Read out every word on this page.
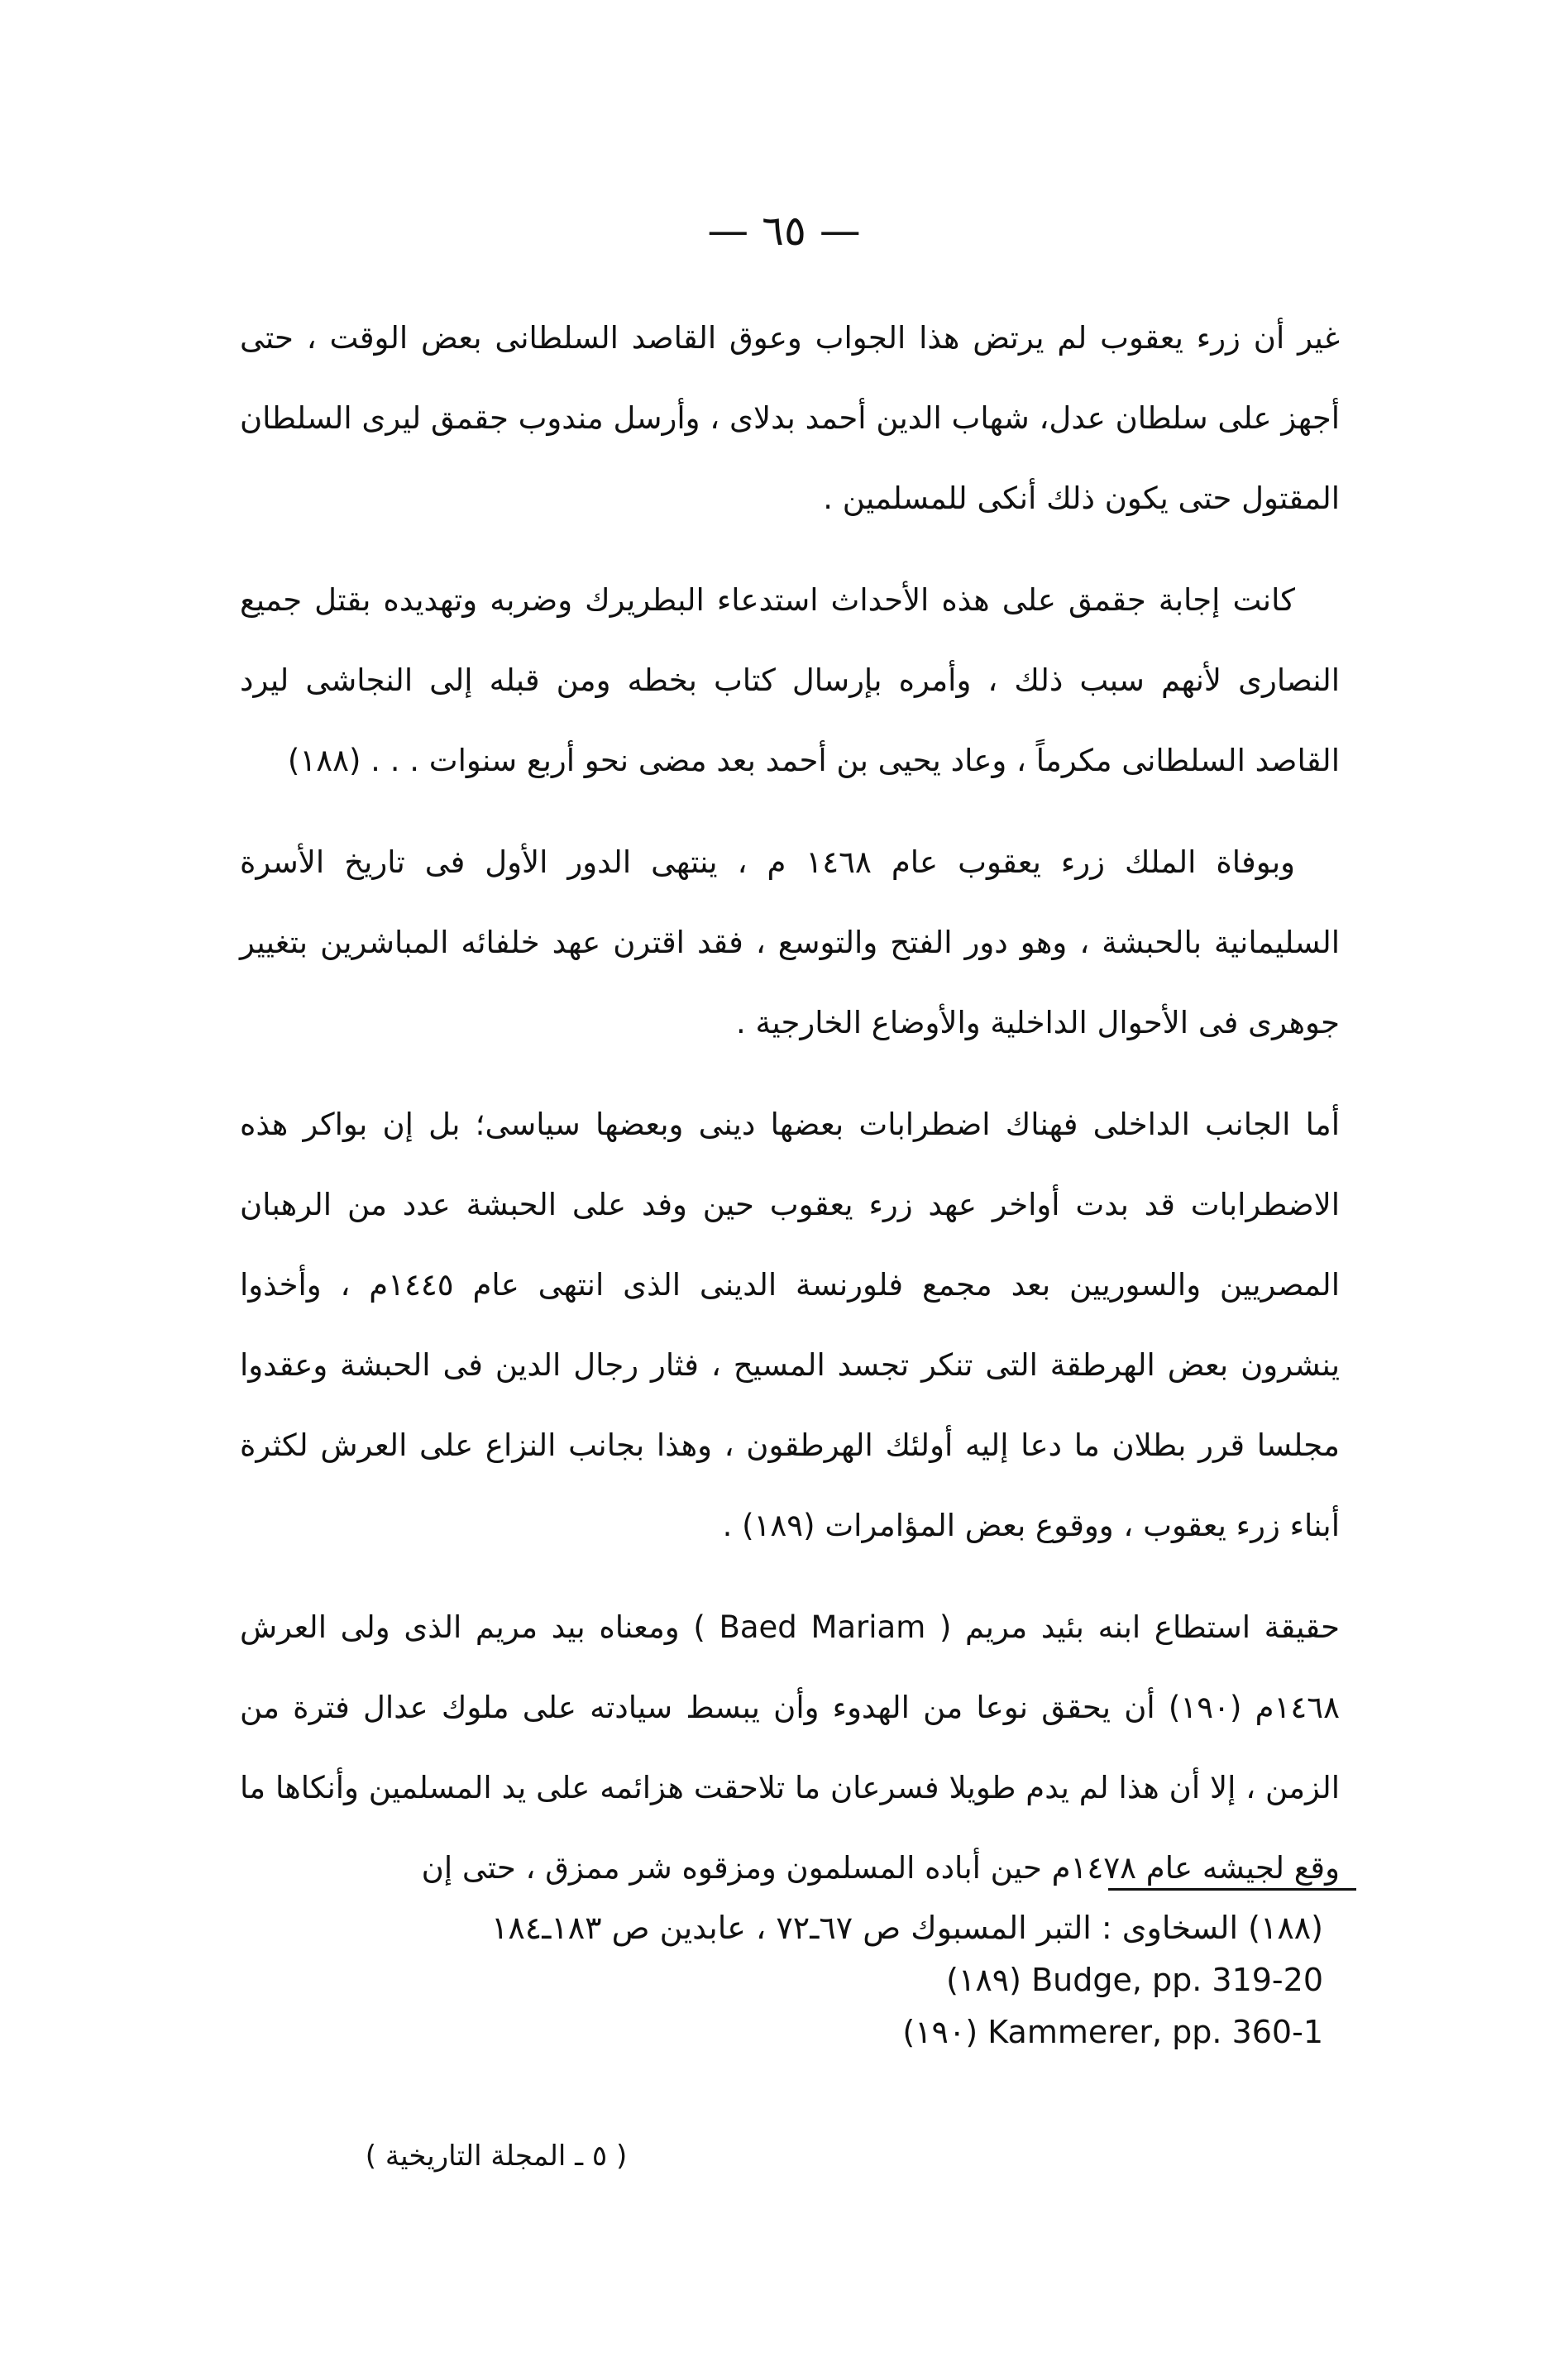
— ٦٥ —

غير أن زرء يعقوب لم يرتض هذا الجواب وعوق القاصد السلطانى بعض الوقت ، حتى أجهز على سلطان عدل، شهاب الدين أحمد بدلاى ، وأرسل مندوب جقمق ليرى السلطان المقتول حتى يكون ذلك أنكى للمسلمين .

كانت إجابة جقمق على هذه الأحداث استدعاء البطريرك وضربه وتهديده بقتل جميع النصارى لأنهم سبب ذلك ، وأمره بإرسال كتاب بخطه ومن قبله إلى النجاشى ليرد القاصد السلطانى مكرماً ، وعاد يحيى بن أحمد بعد مضى نحو أربع سنوات . . . (١٨٨)

وبوفاة الملك زرء يعقوب عام ١٤٦٨ م ، ينتهى الدور الأول فى تاريخ الأسرة السليمانية بالحبشة ، وهو دور الفتح والتوسع ، فقد اقترن عهد خلفائه المباشرين بتغيير جوهرى فى الأحوال الداخلية والأوضاع الخارجية .

أما الجانب الداخلى فهناك اضطرابات بعضها دينى وبعضها سياسى؛ بل إن بواكر هذه الاضطرابات قد بدت أواخر عهد زرء يعقوب حين وفد على الحبشة عدد من الرهبان المصريين والسوريين بعد مجمع فلورنسة الدينى الذى انتهى عام ١٤٤٥م ، وأخذوا ينشرون بعض الهرطقة التى تنكر تجسد المسيح ، فثار رجال الدين فى الحبشة وعقدوا مجلسا قرر بطلان ما دعا إليه أولئك الهرطقون ، وهذا بجانب النزاع على العرش لكثرة أبناء زرء يعقوب ، ووقوع بعض المؤامرات (١٨٩) .

حقيقة استطاع ابنه بئيد مريم ( Baed Mariam ) ومعناه بيد مريم الذى ولى العرش ١٤٦٨م (١٩٠) أن يحقق نوعا من الهدوء وأن يبسط سيادته على ملوك عدال فترة من الزمن ، إلا أن هذا لم يدم طويلا فسرعان ما تلاحقت هزائمه على يد المسلمين وأنكاها ما وقع لجيشه عام ١٤٧٨م حين أباده المسلمون ومزقوه شر ممزق ، حتى إن

(١٨٨) السخاوى : التبر المسبوك ص ٦٧ـ٧٢ ، عابدين ص ١٨٣ـ١٨٤
Budge, pp. 319-20 (١٨٩)
Kammerer, pp. 360-1 (١٩٠)
( ٥ ـ المجلة التاريخية )
